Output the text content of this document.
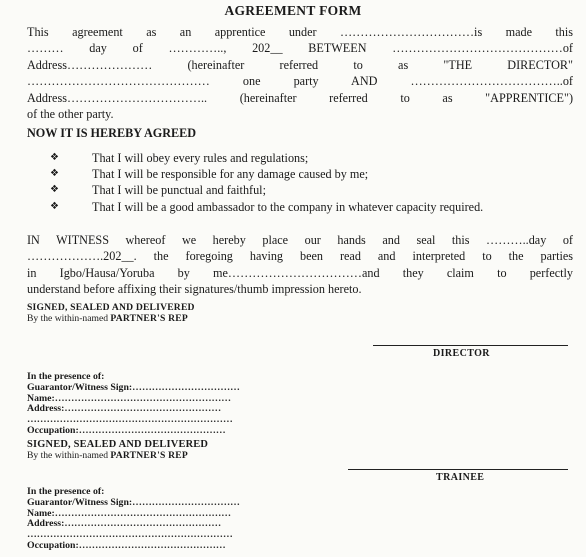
AGREEMENT FORM
This agreement as an apprentice under ……………………………is made this
……… day of ………….., 202__ BETWEEN ……………………………………of
Address………………… (hereinafter referred to as "THE DIRECTOR"
……………………………………… one party AND ………………………………..of
Address…………………………….. (hereinafter referred to as "APPRENTICE")
of the other party.
NOW IT IS HEREBY AGREED
❖	That I will obey every rules and regulations;
❖	That I will be responsible for any damage caused by me;
❖	That I will be punctual and faithful;
❖	That I will be a good ambassador to the company in whatever capacity required.
IN WITNESS whereof we hereby place our hands and seal this ………..day of
……………….202__. the foregoing having been read and interpreted to the parties
in Igbo/Hausa/Yoruba by me……………………………and they claim to perfectly
understand before affixing their signatures/thumb impression hereto.
SIGNED, SEALED AND DELIVERED
By the within-named PARTNER'S REP
DIRECTOR
In the presence of:
Guarantor/Witness Sign:……………………………
Name:………………………………………………
Address:…………………………………………
………………………………………………………
Occupation:………………………………………
SIGNED, SEALED AND DELIVERED
By the within-named PARTNER'S REP
TRAINEE
In the presence of:
Guarantor/Witness Sign:……………………………
Name:………………………………………………
Address:…………………………………………
………………………………………………………
Occupation:………………………………………
